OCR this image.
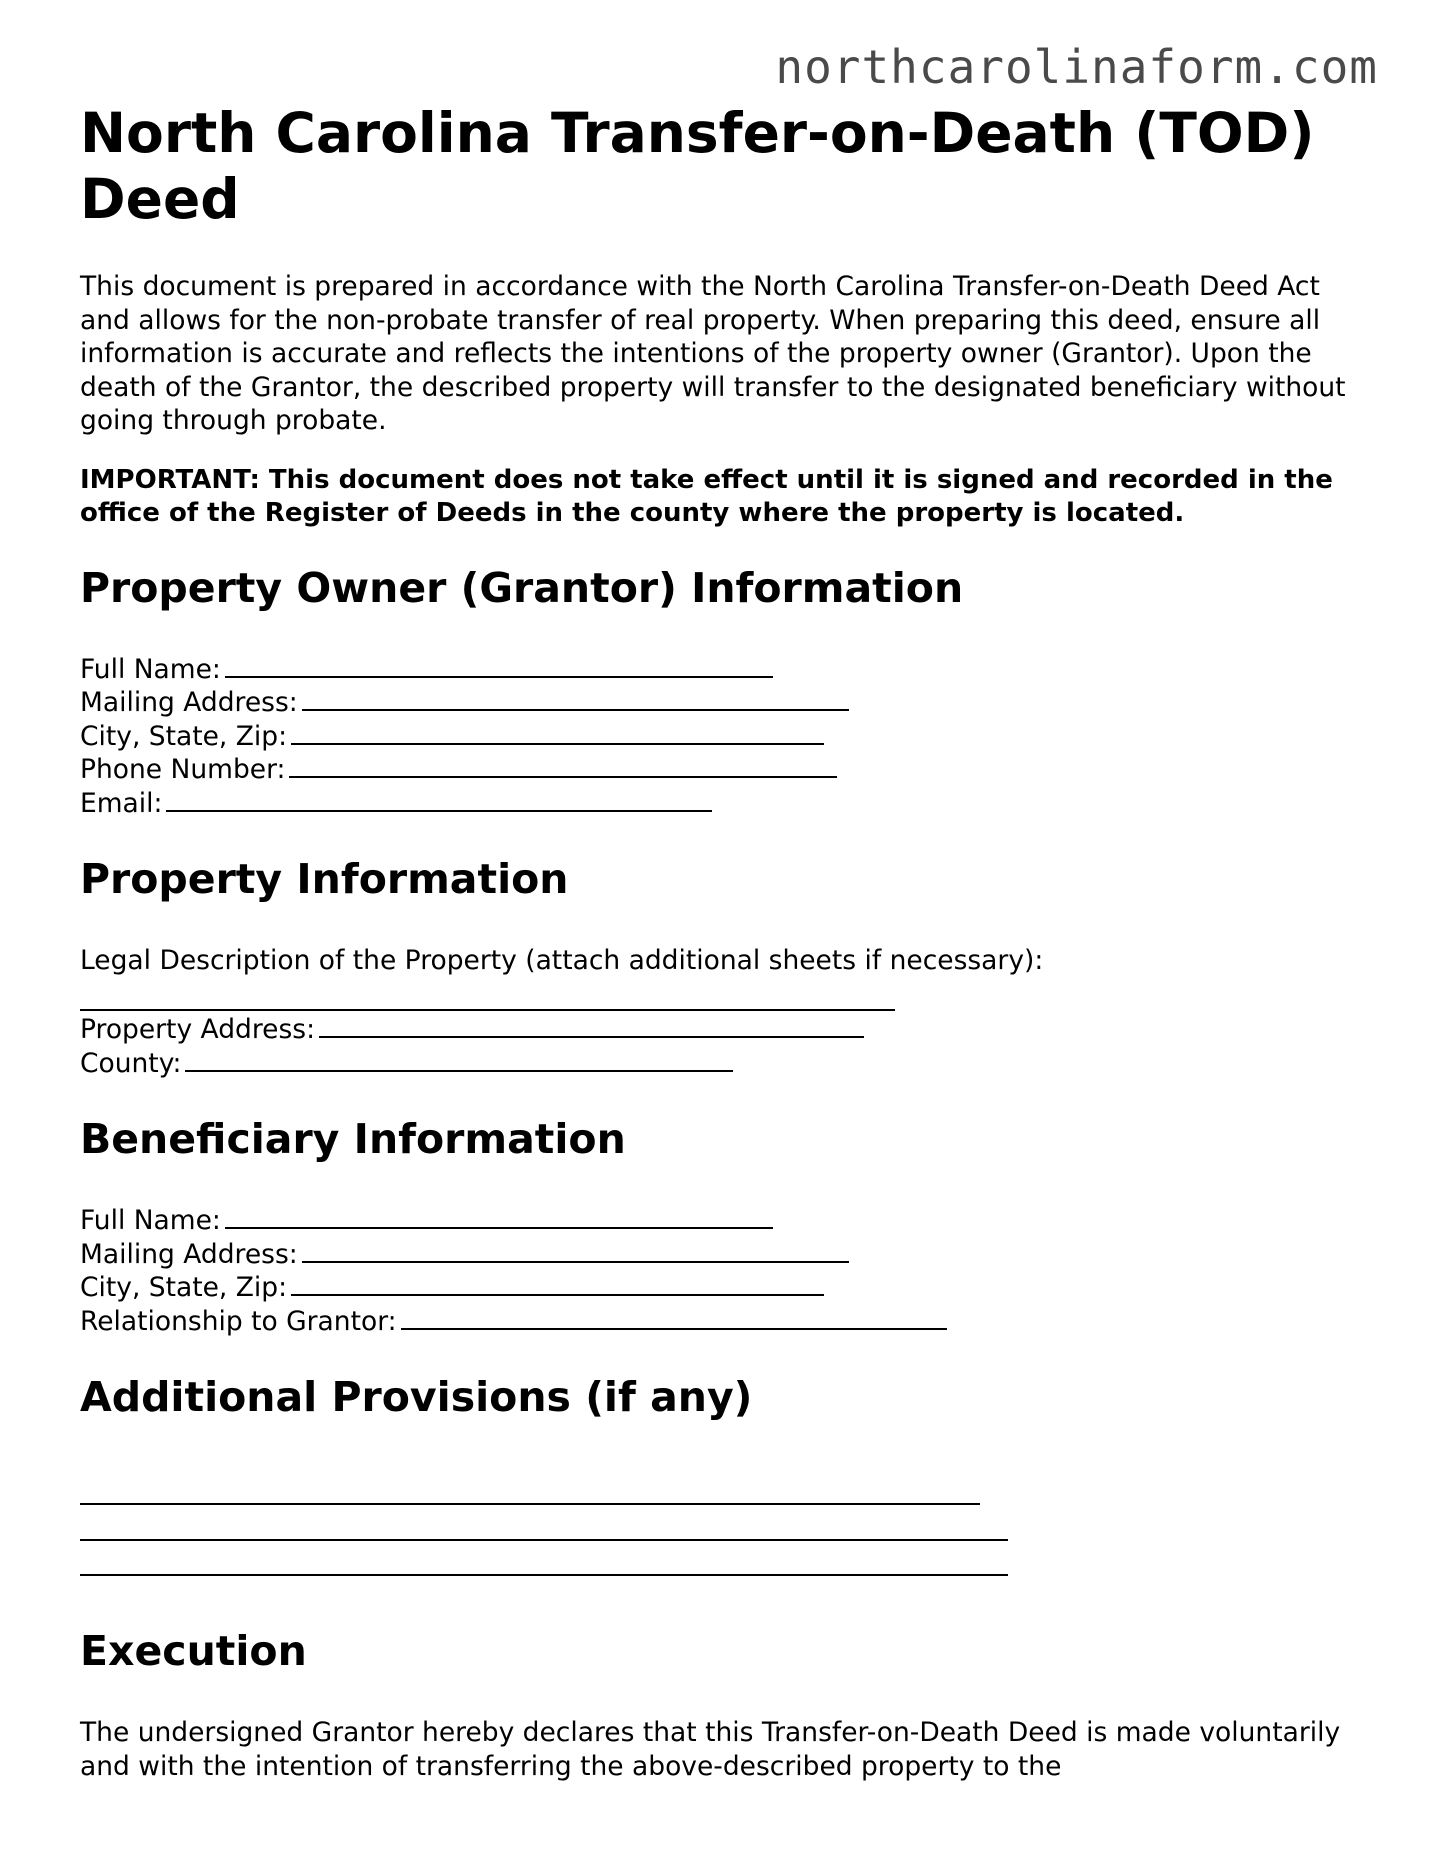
northcarolinaform.com
North Carolina Transfer-on-Death (TOD) Deed

This document is prepared in accordance with the North Carolina Transfer-on-Death Deed Act and allows for the non-probate transfer of real property. When preparing this deed, ensure all information is accurate and reflects the intentions of the property owner (Grantor). Upon the death of the Grantor, the described property will transfer to the designated beneficiary without going through probate.

IMPORTANT: This document does not take effect until it is signed and recorded in the office of the Register of Deeds in the county where the property is located.

Property Owner (Grantor) Information
Full Name:
Mailing Address:
City, State, Zip:
Phone Number:
Email:
Property Information
Legal Description of the Property (attach additional sheets if necessary):
Property Address:
County:
Beneficiary Information
Full Name:
Mailing Address:
City, State, Zip:
Relationship to Grantor:
Additional Provisions (if any)
Execution

The undersigned Grantor hereby declares that this Transfer-on-Death Deed is made voluntarily and with the intention of transferring the above-described property to the
